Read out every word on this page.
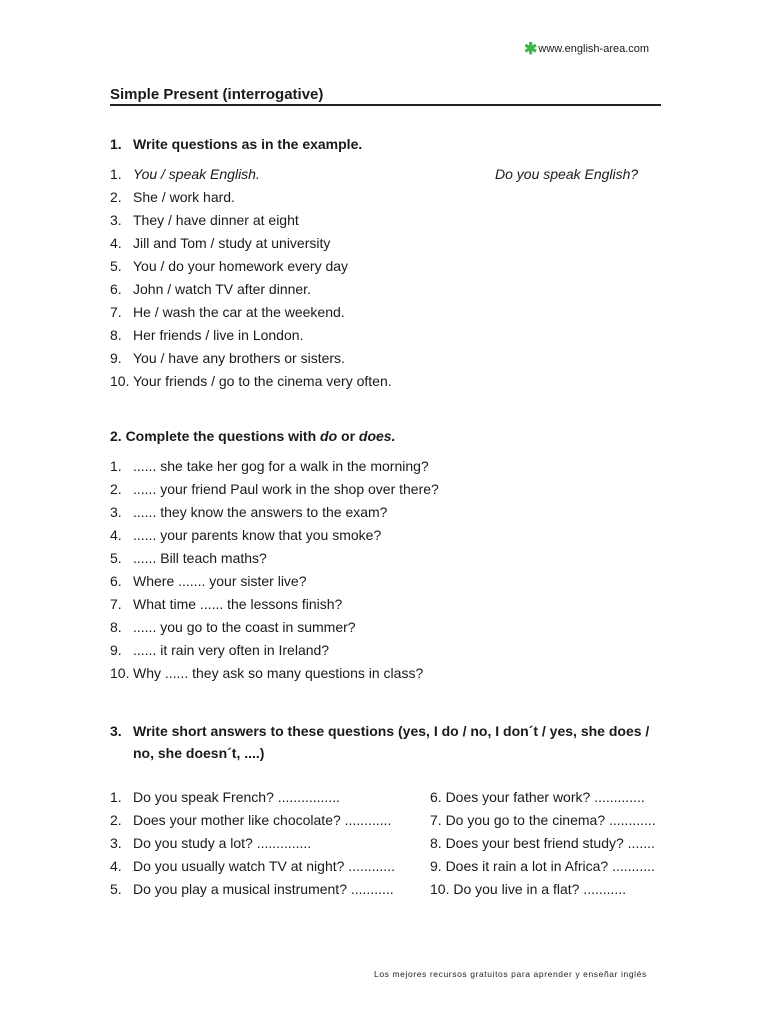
✱ www.english-area.com
Simple Present (interrogative)
1. Write questions as in the example.
1. You / speak English.	Do you speak English?
2. She / work hard.
3. They / have dinner at eight
4. Jill and Tom / study at university
5. You / do your homework every day
6. John / watch TV after dinner.
7. He / wash the car at the weekend.
8. Her friends / live in London.
9. You / have any brothers or sisters.
10. Your friends / go to the cinema very often.
2. Complete the questions with do or does.
1. ...... she take her gog for a walk in the morning?
2. ...... your friend Paul work in the shop over there?
3. ...... they know the answers to the exam?
4. ...... your parents know that you smoke?
5. ...... Bill teach maths?
6. Where ....... your sister live?
7. What time ...... the lessons finish?
8. ...... you go to the coast in summer?
9. ...... it rain very often in Ireland?
10. Why ...... they ask so many questions in class?
3. Write short answers to these questions (yes, I do / no, I don´t / yes, she does / no, she doesn´t, ....)
1. Do you speak French? ................
2. Does your mother like chocolate? ............
3. Do you study a lot? ..............
4. Do you usually watch TV at night? ............
5. Do you play a musical instrument? ...........
6. Does your father work? .............
7. Do you go to the cinema? ............
8. Does your best friend study? .......
9. Does it rain a lot in Africa? ...........
10. Do you live in a flat? ...........
Los mejores recursos gratuitos para aprender y enseñar inglés
